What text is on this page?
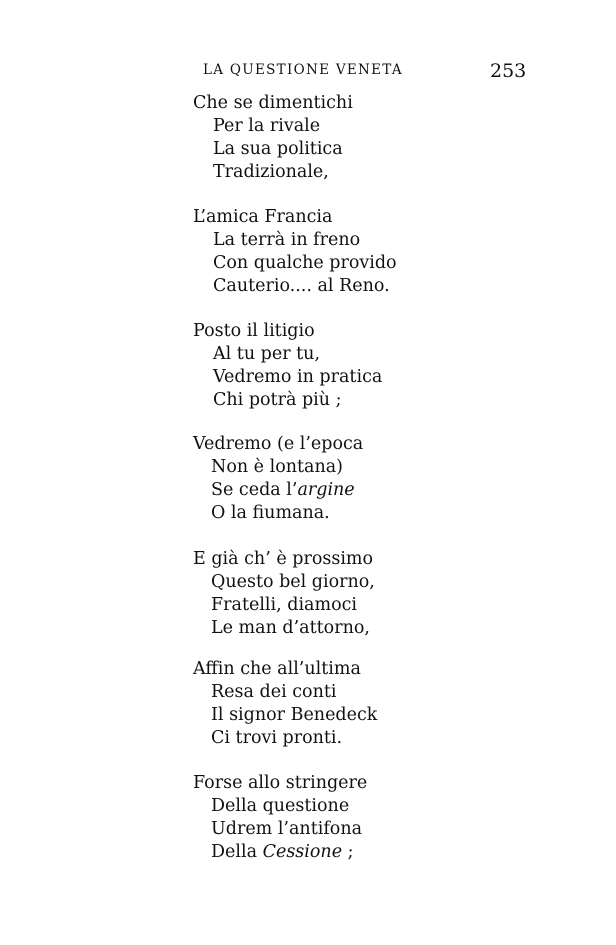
LA QUESTIONE VENETA	253
Che se dimentichi
Per la rivale
La sua politica
Tradizionale,
L’amica Francia
La terrà in freno
Con qualche provido
Cauterio.... al Reno.
Posto il litigio
Al tu per tu,
Vedremo in pratica
Chi potrà più ;
Vedremo (e l’epoca
Non è lontana)
Se ceda l’argine
O la fiumana.
E già ch’ è prossimo
Questo bel giorno,
Fratelli, diamoci
Le man d’attorno,
Affin che all’ultima
Resa dei conti
Il signor Benedeck
Ci trovi pronti.
Forse allo stringere
Della questione
Udrem l’antifona
Della Cessione ;
